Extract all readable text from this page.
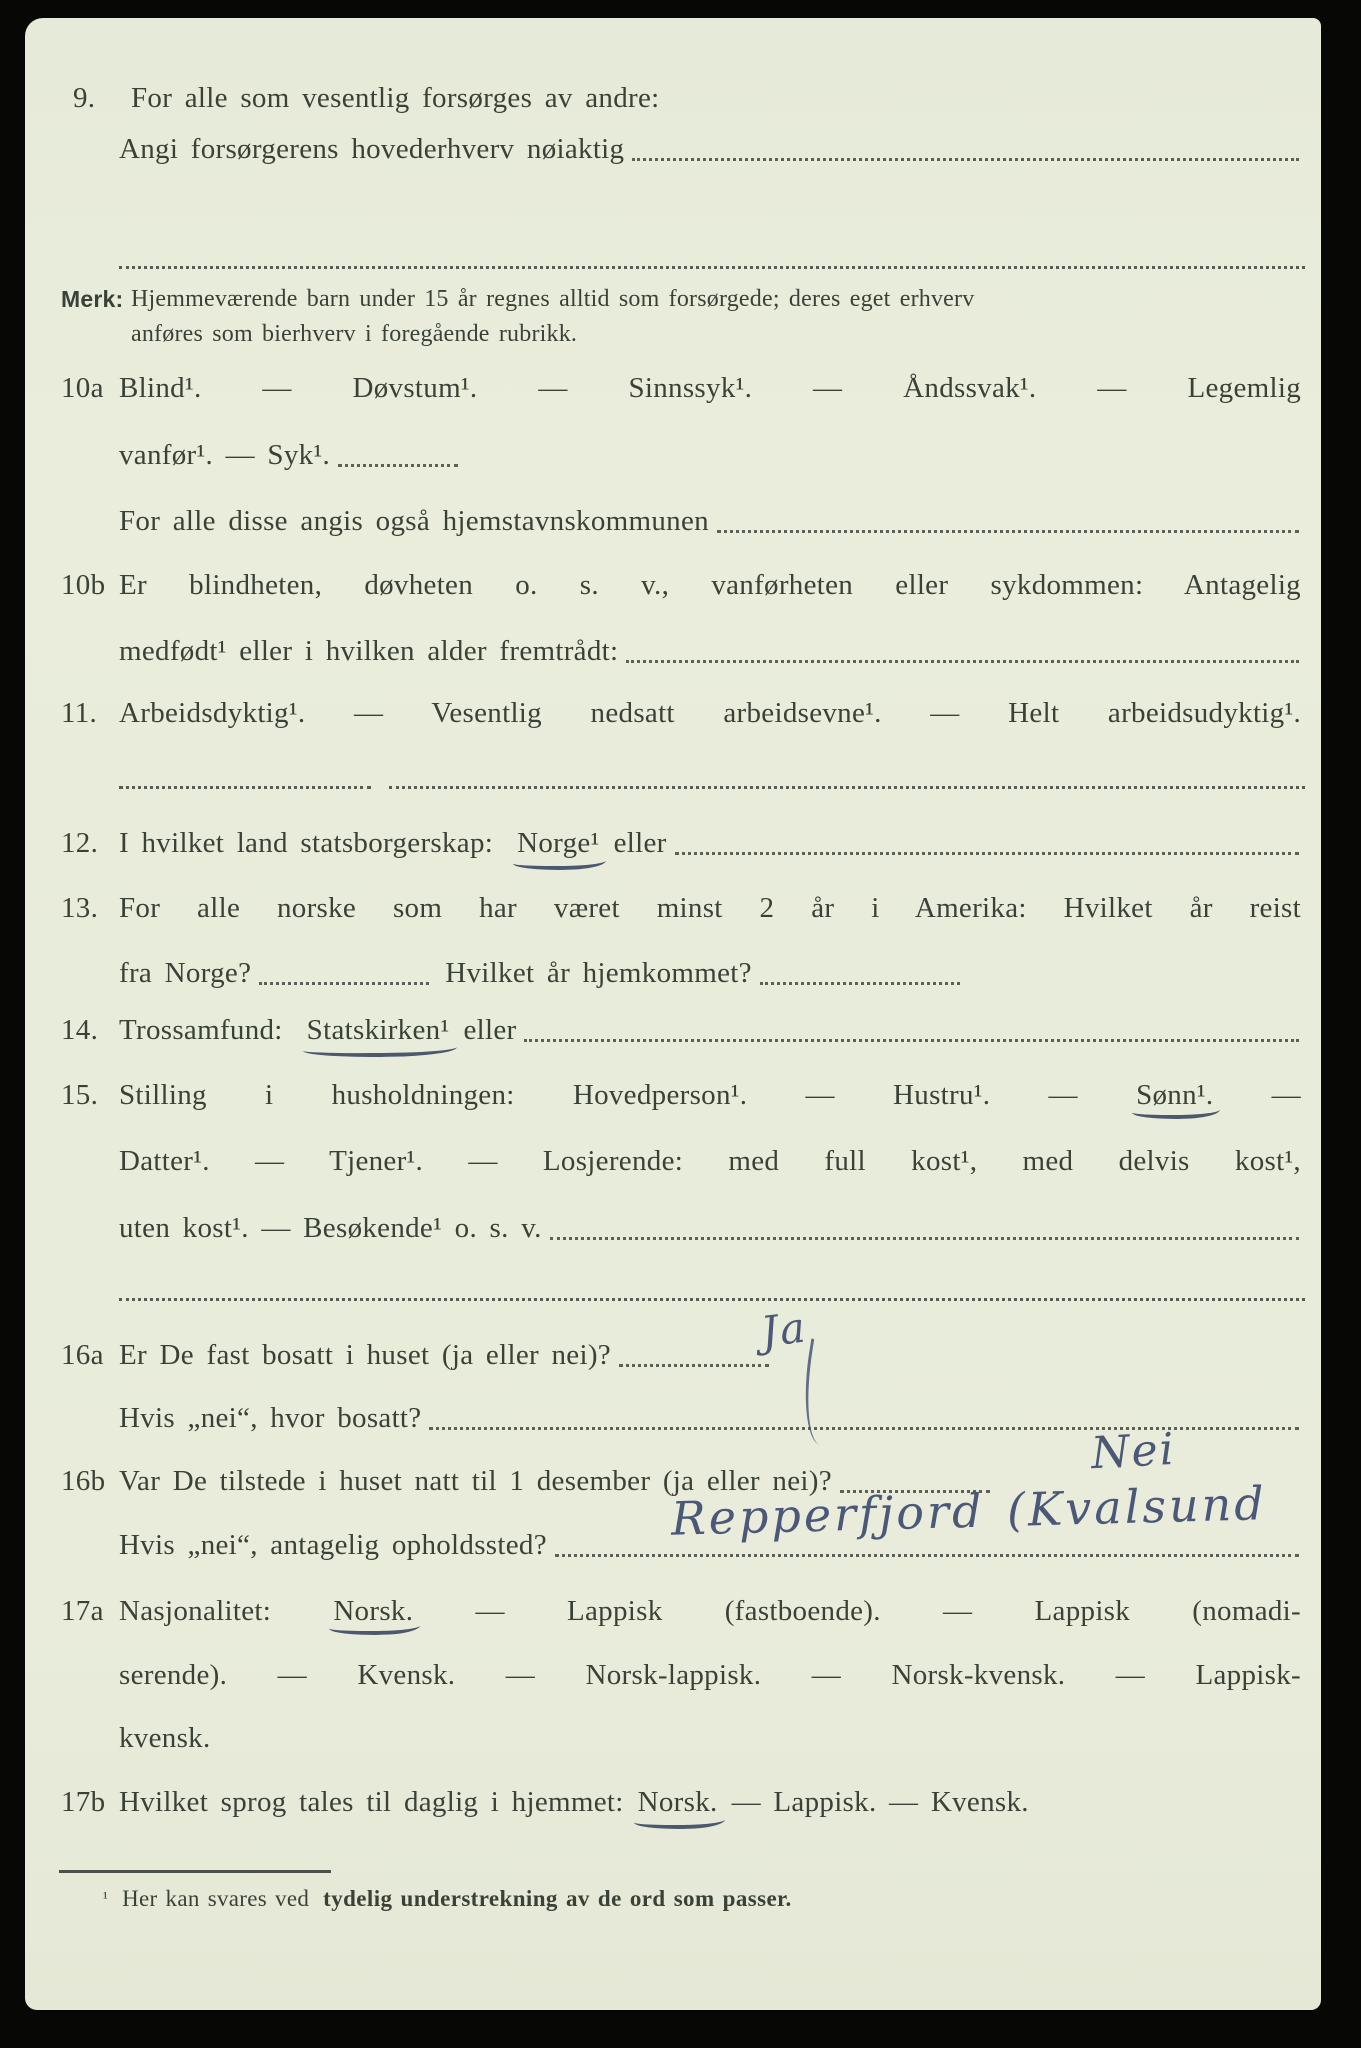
9.	For alle som vesentlig forsørges av andre:
Angi forsørgerens hovederhverv nøiaktig
Merk: Hjemmeværende barn under 15 år regnes alltid som forsørgede; deres eget erhverv
anføres som bierhverv i foregående rubrikk.
10a Blind¹. — Døvstum¹. — Sinnssyk¹. — Åndssvak¹. — Legemlig
vanfør¹. — Syk¹.
For alle disse angis også hjemstavnskommunen
10b Er blindheten, døvheten o. s. v., vanførheten eller sykdommen: Antagelig
medfødt¹ eller i hvilken alder fremtrådt:
11. Arbeidsdyktig¹. — Vesentlig nedsatt arbeidsevne¹. — Helt arbeidsudyktig¹.
12. I hvilket land statsborgerskap: Norge¹ eller
13. For alle norske som har været minst 2 år i Amerika: Hvilket år reist
fra Norge?	Hvilket år hjemkommet?
14. Trossamfund: Statskirken¹ eller
15. Stilling i husholdningen: Hovedperson¹. — Hustru¹. — Sønn¹. —
Datter¹. — Tjener¹. — Losjerende: med full kost¹, med delvis kost¹,
uten kost¹. — Besøkende¹ o. s. v.
16a Er De fast bosatt i huset (ja eller nei)?	Ja
Hvis „nei“, hvor bosatt?
16b Var De tilstede i huset natt til 1 desember (ja eller nei)?
Nei
Hvis „nei“, antagelig opholdssted?	Repperfjord (Kvalsund
17a Nasjonalitet: Norsk. — Lappisk (fastboende). — Lappisk (nomadi-
serende). — Kvensk. — Norsk-lappisk. — Norsk-kvensk. — Lappisk-
kvensk.
17b Hvilket sprog tales til daglig i hjemmet: Norsk. — Lappisk. — Kvensk.
¹ Her kan svares ved tydelig understrekning av de ord som passer.
